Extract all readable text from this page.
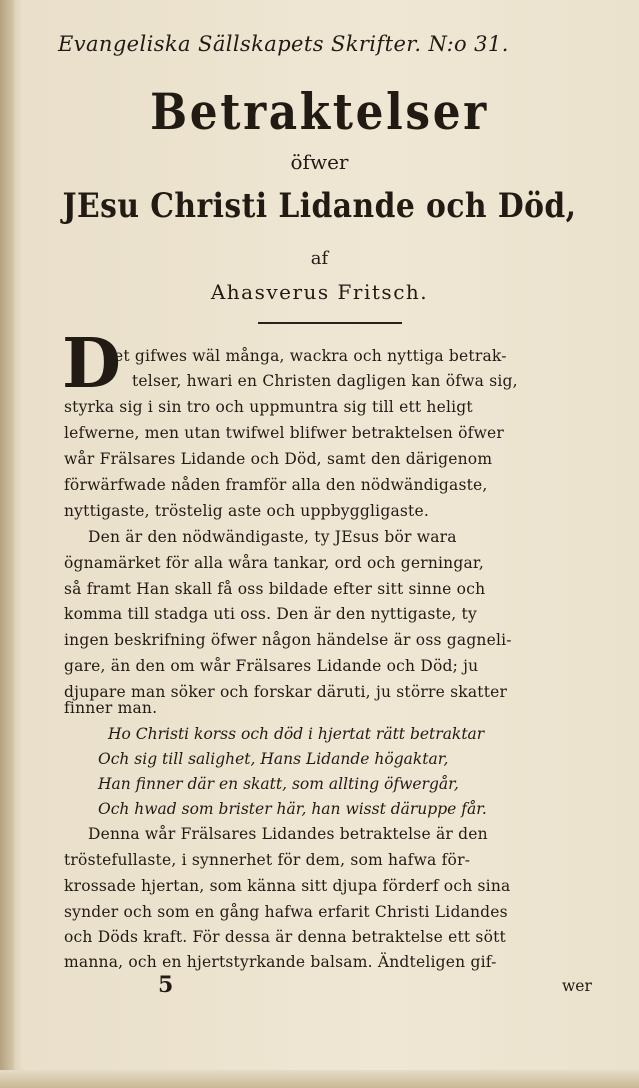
Evangeliska Sällskapets Skrifter. N:o 31.
Betraktelser
öfwer
JEsu Christi Lidande och Död,
af
Ahasverus Fritsch.
D
et gifwes wäl många, wackra och nyttiga betrak-
telser, hwari en Christen dagligen kan öfwa sig,
styrka sig i sin tro och uppmuntra sig till ett heligt
lefwerne, men utan twifwel blifwer betraktelsen öfwer
wår Frälsares Lidande och Död, samt den därigenom
förwärfwade nåden framför alla den nödwändigaste,
nyttigaste, tröstelig aste och uppbyggligaste.
Den är den nödwändigaste, ty JEsus bör wara
ögnamärket för alla wåra tankar, ord och gerningar,
så framt Han skall få oss bildade efter sitt sinne och
komma till stadga uti oss. Den är den nyttigaste, ty
ingen beskrifning öfwer någon händelse är oss gagneli-
gare, än den om wår Frälsares Lidande och Död; ju
djupare man söker och forskar däruti, ju större skatter
finner man.
Ho Christi korss och död i hjertat rätt betraktar
Och sig till salighet, Hans Lidande högaktar,
Han finner där en skatt, som allting öfwergår,
Och hwad som brister här, han wisst däruppe får.
Denna wår Frälsares Lidandes betraktelse är den
tröstefullaste, i synnerhet för dem, som hafwa för-
krossade hjertan, som känna sitt djupa förderf och sina
synder och som en gång hafwa erfarit Christi Lidandes
och Döds kraft. För dessa är denna betraktelse ett sött
manna, och en hjertstyrkande balsam. Ändteligen gif-
5	wer
